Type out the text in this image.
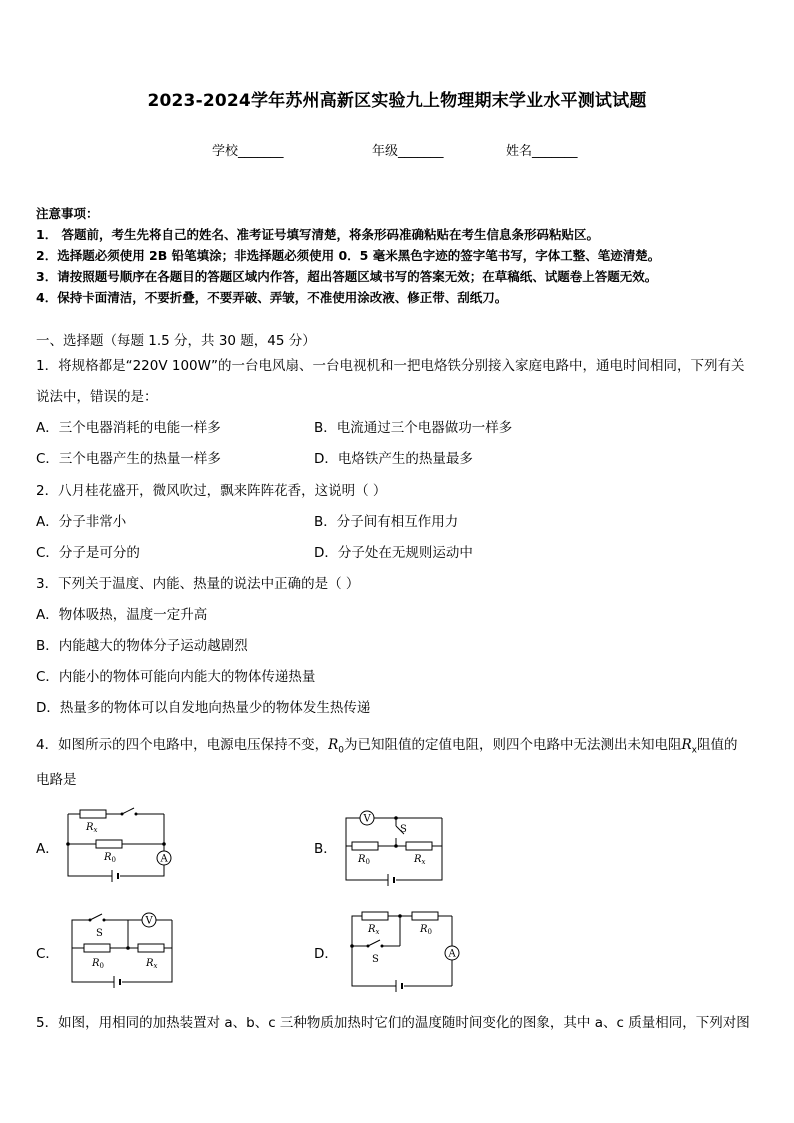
2023-2024学年苏州高新区实验九上物理期末学业水平测试试题
学校_______	年级_______	姓名_______
注意事项：
1． 答题前，考生先将自己的姓名、准考证号填写清楚，将条形码准确粘贴在考生信息条形码粘贴区。
2．选择题必须使用 2B 铅笔填涂；非选择题必须使用 0．5 毫米黑色字迹的签字笔书写，字体工整、笔迹清楚。
3．请按照题号顺序在各题目的答题区域内作答，超出答题区域书写的答案无效；在草稿纸、试题卷上答题无效。
4．保持卡面清洁，不要折叠，不要弄破、弄皱，不准使用涂改液、修正带、刮纸刀。
一、选择题（每题 1.5 分，共 30 题，45 分）
1．将规格都是“220V 100W”的一台电风扇、一台电视机和一把电烙铁分别接入家庭电路中，通电时间相同，下列有关
说法中，错误的是：
A．三个电器消耗的电能一样多	B．电流通过三个电器做功一样多
C．三个电器产生的热量一样多	D．电烙铁产生的热量最多
2．八月桂花盛开，微风吹过，飘来阵阵花香，这说明（ ）
A．分子非常小	B．分子间有相互作用力
C．分子是可分的	D．分子处在无规则运动中
3．下列关于温度、内能、热量的说法中正确的是（ ）
A．物体吸热，温度一定升高
B．内能越大的物体分子运动越剧烈
C．内能小的物体可能向内能大的物体传递热量
D．热量多的物体可以自发地向热量少的物体发生热传递
4．如图所示的四个电路中，电源电压保持不变，$R_0$为已知阻值的定值电阻，则四个电路中无法测出未知电阻$R_x$阻值的
电路是
A．
A
$R_x$
$R_0$
B．
V
S
$R_0$	$R_x$
C．
V
S
$R_0$	$R_x$
D．	A
$R_x$	$R_0$
S
5．如图，用相同的加热装置对 a、b、c 三种物质加热时它们的温度随时间变化的图象，其中 a、c 质量相同，下列对图
